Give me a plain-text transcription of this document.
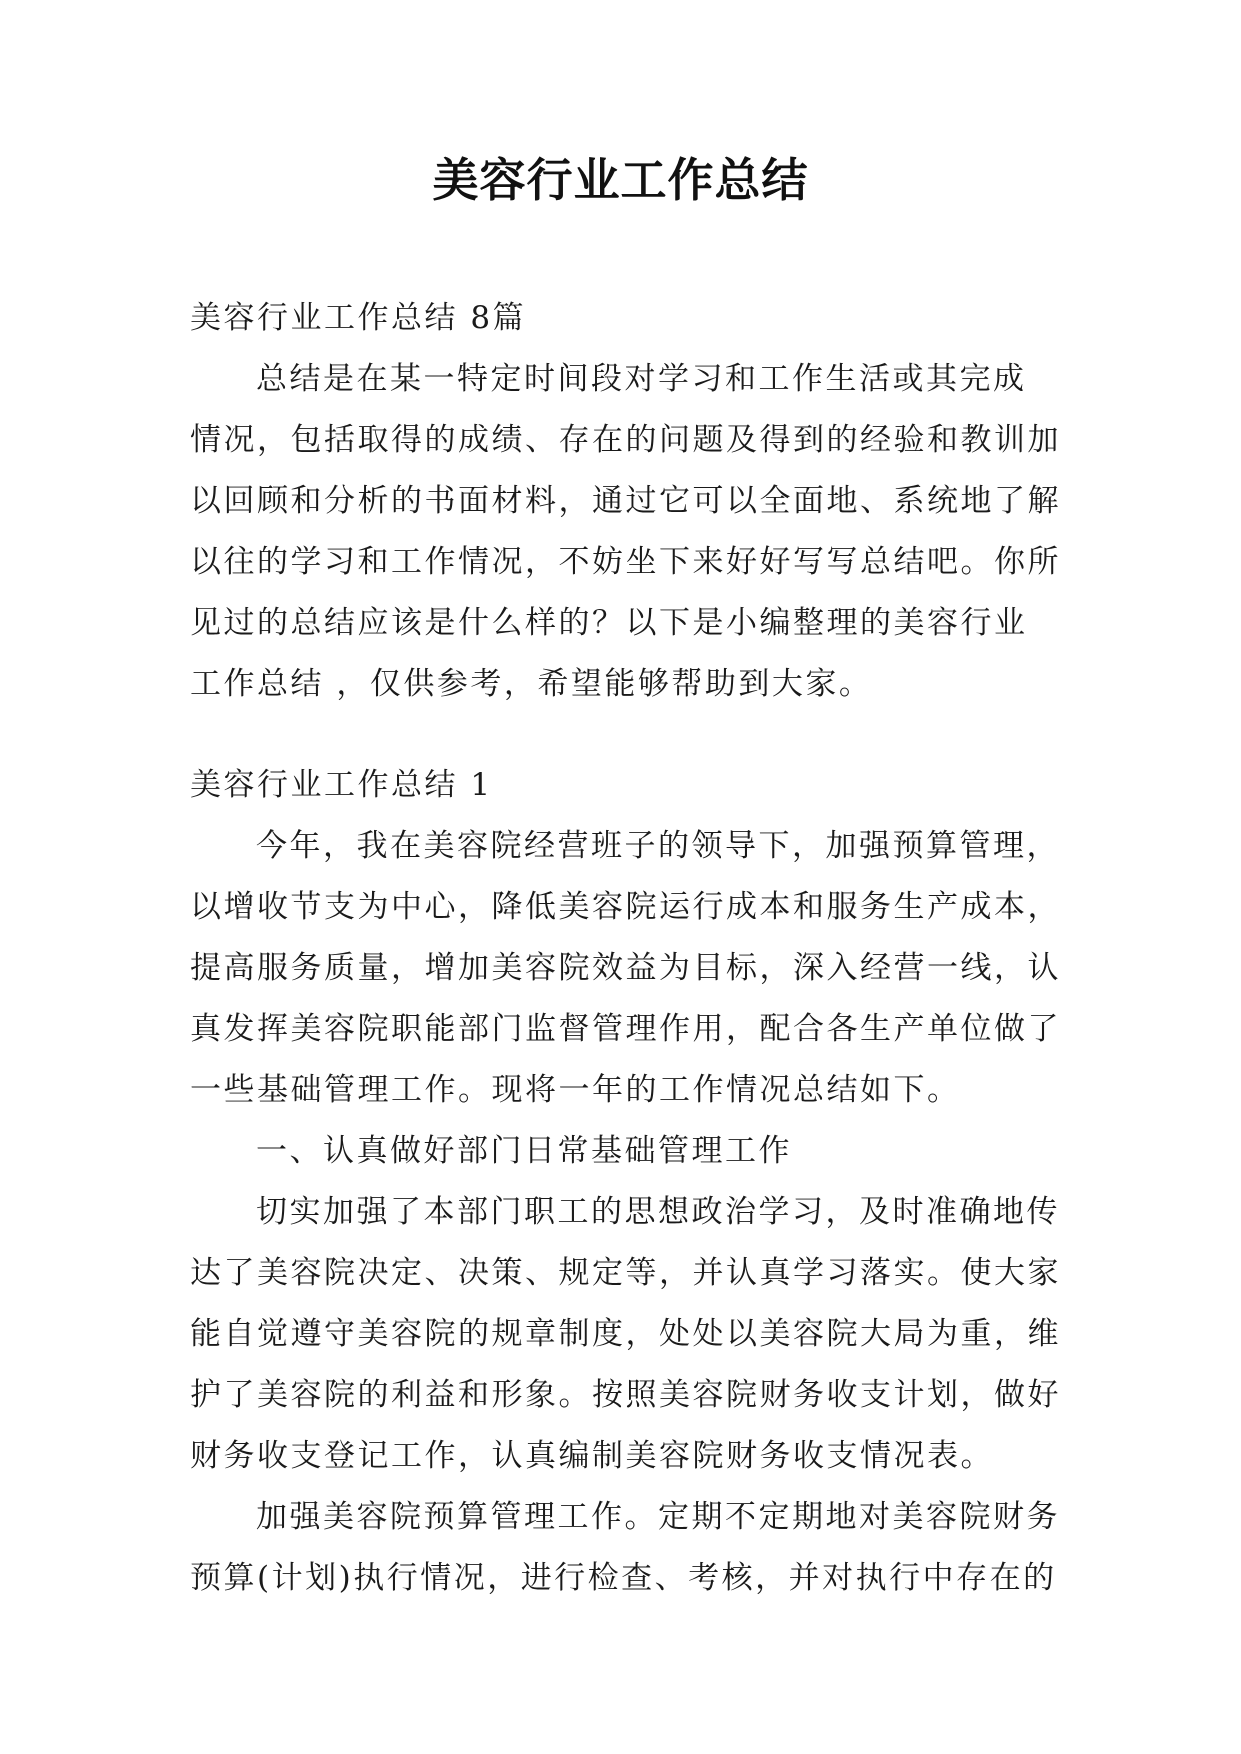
美容行业工作总结
美容行业工作总结 8篇
总结是在某一特定时间段对学习和工作生活或其完成
情况，包括取得的成绩、存在的问题及得到的经验和教训加
以回顾和分析的书面材料，通过它可以全面地、系统地了解
以往的学习和工作情况，不妨坐下来好好写写总结吧。你所
见过的总结应该是什么样的？以下是小编整理的美容行业
工作总结 ，仅供参考，希望能够帮助到大家。
美容行业工作总结 1
今年，我在美容院经营班子的领导下，加强预算管理，
以增收节支为中心，降低美容院运行成本和服务生产成本，
提高服务质量，增加美容院效益为目标，深入经营一线，认
真发挥美容院职能部门监督管理作用，配合各生产单位做了
一些基础管理工作。现将一年的工作情况总结如下。
一、认真做好部门日常基础管理工作
切实加强了本部门职工的思想政治学习，及时准确地传
达了美容院决定、决策、规定等，并认真学习落实。使大家
能自觉遵守美容院的规章制度，处处以美容院大局为重，维
护了美容院的利益和形象。按照美容院财务收支计划，做好
财务收支登记工作，认真编制美容院财务收支情况表。
加强美容院预算管理工作。定期不定期地对美容院财务
预算(计划)执行情况，进行检查、考核，并对执行中存在的
